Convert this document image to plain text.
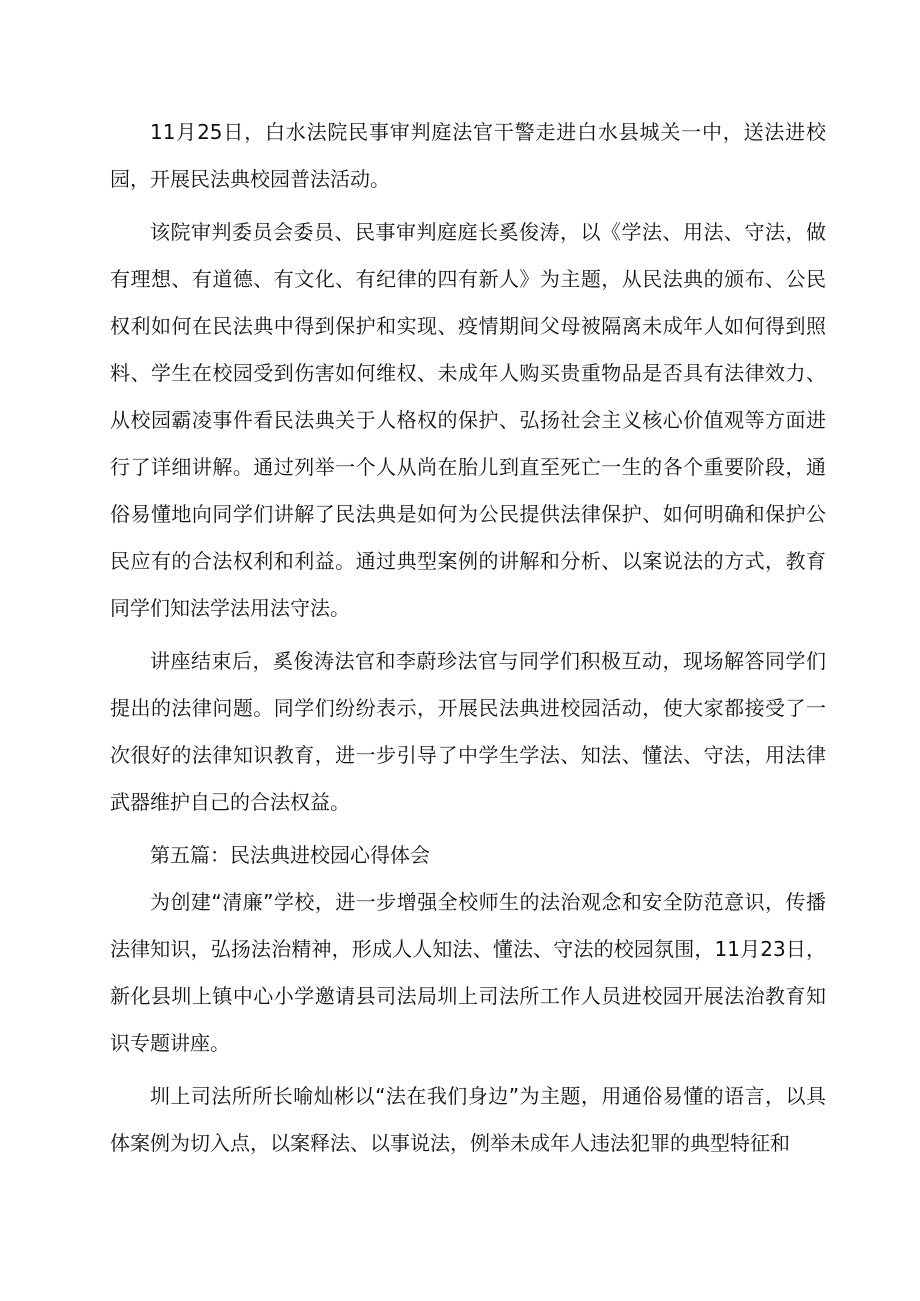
11月25日，白水法院民事审判庭法官干警走进白水县城关一中，送法进校园，开展民法典校园普法活动。

该院审判委员会委员、民事审判庭庭长奚俊涛，以《学法、用法、守法，做有理想、有道德、有文化、有纪律的四有新人》为主题，从民法典的颁布、公民权利如何在民法典中得到保护和实现、疫情期间父母被隔离未成年人如何得到照料、学生在校园受到伤害如何维权、未成年人购买贵重物品是否具有法律效力、从校园霸凌事件看民法典关于人格权的保护、弘扬社会主义核心价值观等方面进行了详细讲解。通过列举一个人从尚在胎儿到直至死亡一生的各个重要阶段，通俗易懂地向同学们讲解了民法典是如何为公民提供法律保护、如何明确和保护公民应有的合法权利和利益。通过典型案例的讲解和分析、以案说法的方式，教育同学们知法学法用法守法。

讲座结束后，奚俊涛法官和李蔚珍法官与同学们积极互动，现场解答同学们提出的法律问题。同学们纷纷表示，开展民法典进校园活动，使大家都接受了一次很好的法律知识教育，进一步引导了中学生学法、知法、懂法、守法，用法律武器维护自己的合法权益。

第五篇：民法典进校园心得体会

为创建“清廉”学校，进一步增强全校师生的法治观念和安全防范意识，传播法律知识，弘扬法治精神，形成人人知法、懂法、守法的校园氛围，11月23日，新化县圳上镇中心小学邀请县司法局圳上司法所工作人员进校园开展法治教育知识专题讲座。

圳上司法所所长喻灿彬以“法在我们身边”为主题，用通俗易懂的语言，以具体案例为切入点，以案释法、以事说法，例举未成年人违法犯罪的典型特征和
